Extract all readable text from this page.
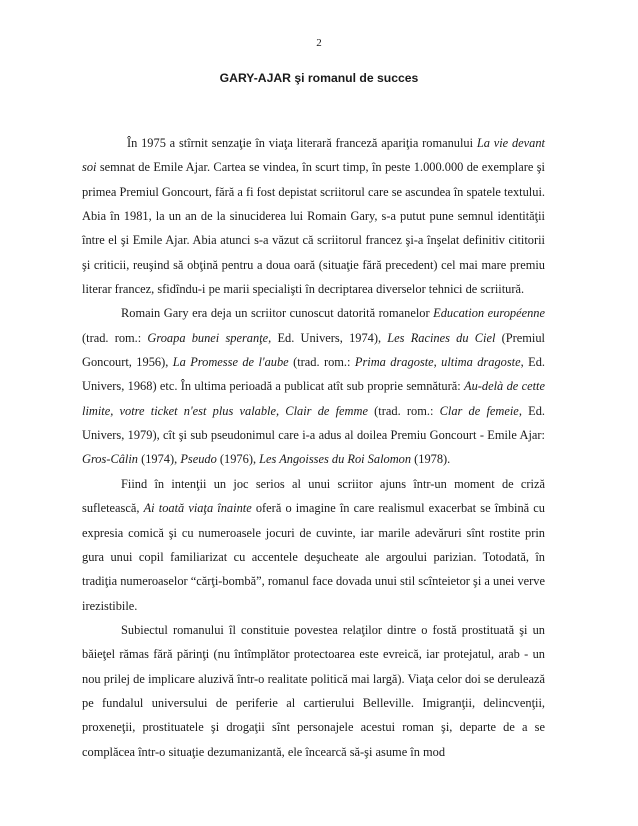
2
GARY-AJAR şi romanul de succes

În 1975 a stîrnit senzaţie în viaţa literară franceză apariţia romanului La vie devant soi semnat de Emile Ajar. Cartea se vindea, în scurt timp, în peste 1.000.000 de exemplare şi primea Premiul Goncourt, fără a fi fost depistat scriitorul care se ascundea în spatele textului. Abia în 1981, la un an de la sinuciderea lui Romain Gary, s-a putut pune semnul identităţii între el şi Emile Ajar. Abia atunci s-a văzut că scriitorul francez şi-a înşelat definitiv cititorii şi criticii, reuşind să obţină pentru a doua oară (situaţie fără precedent) cel mai mare premiu literar francez, sfidîndu-i pe marii specialişti în decriptarea diverselor tehnici de scriitură.

Romain Gary era deja un scriitor cunoscut datorită romanelor Education européenne (trad. rom.: Groapa bunei speranţe, Ed. Univers, 1974), Les Racines du Ciel (Premiul Goncourt, 1956), La Promesse de l'aube (trad. rom.: Prima dragoste, ultima dragoste, Ed. Univers, 1968) etc. În ultima perioadă a publicat atît sub proprie semnătură: Au-delà de cette limite, votre ticket n'est plus valable, Clair de femme (trad. rom.: Clar de femeie, Ed. Univers, 1979), cît şi sub pseudonimul care i-a adus al doilea Premiu Goncourt - Emile Ajar: Gros-Câlin (1974), Pseudo (1976), Les Angoisses du Roi Salomon (1978).

Fiind în intenţii un joc serios al unui scriitor ajuns într-un moment de criză sufletească, Ai toată viaţa înainte oferă o imagine în care realismul exacerbat se îmbină cu expresia comică şi cu numeroasele jocuri de cuvinte, iar marile adevăruri sînt rostite prin gura unui copil familiarizat cu accentele deşucheate ale argoului parizian. Totodată, în tradiţia numeroaselor “cărţi-bombă”, romanul face dovada unui stil scînteietor şi a unei verve irezistibile.

Subiectul romanului îl constituie povestea relaţilor dintre o fostă prostituată şi un băieţel rămas fără părinţi (nu întîmplător protectoarea este evreică, iar protejatul, arab - un nou prilej de implicare aluzivă într-o realitate politică mai largă). Viaţa celor doi se derulează pe fundalul universului de periferie al cartierului Belleville. Imigranţii, delincvenţii, proxeneţii, prostituatele şi drogaţii sînt personajele acestui roman şi, departe de a se complăcea într-o situaţie dezumanizantă, ele încearcă să-şi asume în mod
